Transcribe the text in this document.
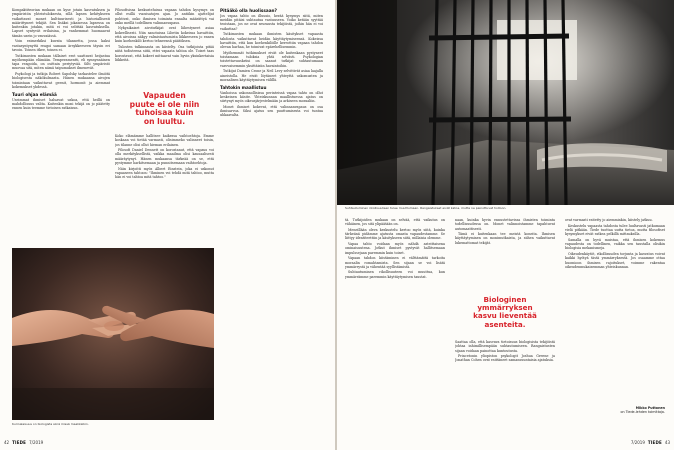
Kompaktiteorian mukaan on kyse jotain kasvatuksen ja ympäristön yhteistuloksesta, sillä lapsen kehitykseen vaikuttavat monet kulttuurisesti ja historiallisesti määrittyneet tekijät. Sen lisäksi jokaisessa lapsessa on kuitenkin jotakin, mitä ei voi selittää kasvatuksella. Lapset syntyvät erilaisina, ja vanhemmat huomaavat tämän usein jo vauvaiässä.

Voin esimerkiksi kuvata tilannetta, jossa kaksi vastasyntynyttä reagoi samaan ärsykkeeseen täysin eri tavoin. Toinen itkee, toinen ei.

Tutkimusten mukaan tällaiset erot saattavat heijastua myöhempään elämään. Temperamentti, eli synnynnäinen tapa reagoida, on osittain periytyvää. Silti ympäristö muovaa sitä, miten nämä taipumukset ilmenevät.

Psykologi ja tutkija Robert Sapolsky tarkastelee ilmiötä biologisesta näkökulmasta. Hänen mukaansa aivojen toimintaan vaikuttavat geenit, hormonit ja aiemmat kokemukset yhdessä.

Tuuri ohjaa elämää

Useimmat ihmiset haluavat uskoa, että heillä on mahdollisuus valita. Kuitenkin moni tekijä on jo päätetty ennen kuin teemme tietoisen ratkaisun.

Filosofisissa keskusteluissa vapaan tahdon kysymys on ollut esillä vuosisatojen ajan. Jo antiikin ajattelijat pohtivat, onko ihmisen toiminta ennalta määrättyä vai onko meillä todellinen valinnanvapaus.

Nykyaikaiset aivotutkijat ovat lähestyneet asiaa kokeellisesti. Niin sanotuissa Libetin kokeissa havaittiin, että aivoissa näkyy valmistautumista liikkeeseen jo ennen kuin koehenkilö kertoo tehneensä päätöksen.

Tulosten tulkinnasta on kiistelty. Osa tutkijoista pitää niitä todisteena siitä, ettei vapaata tahtoa ole. Toiset taas korostavat, että kokeet mittaavat vain hyvin yksinkertaisia liikkeitä.

Vapauden
puute ei ole niin
tuhoisaa kuin
on luultu.

Koko elämämme hallitsee kaikessa vaihtoehtoja. Emme koskaan voi tietää varmasti, olisimmeko valinneet toisin, jos tilanne olisi ollut hieman erilainen.

Filosofi Daniel Dennett on korostanut, että vapaus voi olla merkityksellistä, vaikka maailma olisi kausaalisesti määräytynyt. Hänen mukaansa tärkeää on se, että pystymme harkitsemaan ja punnitsemaan vaihtoehtoja.

Näin kirjoitti myös Albert Einstein, joka ei uskonut vapaaseen tahtoon: "Ihminen voi tehdä mitä tahtoo, mutta hän ei voi tahtoa mitä tahtoo."

Pitääkö olla huolissaan?

Jos vapaa tahto on illuusio, herää kysymys siitä, miten meidän pitäisi suhtautua vastuuseen. Voiko ketään syyttää teoistaan, jos ne ovat seurausta tekijöistä, joihin hän ei voi vaikuttaa?

Tutkimusten mukaan ihmisten käsitykset vapaasta tahdosta vaikuttavat heidän käyttäytymiseensä. Kokeissa havaittiin, että kun koehenkilöille kerrottiin vapaan tahdon olevan harhaa, he toimivat epärehellisemmin.

Myöhemmät tutkimukset eivät ole kuitenkaan pystyneet toistamaan tuloksia yhtä selvästi. Psykologian toistettavuuskriisi on saanut tutkijat suhtautumaan varovaisemmin yksittäisiin havaintoihin.

Tutkijat Damien Crone ja Neil Levy selvittivät asiaa laajalla aineistolla. He eivät löytäneet yhteyttä uskomusten ja moraalisen käyttäytymisen välillä.

Tahtokin maallistuu

Vanhoissa uskonnollisissa perinteissä vapaa tahto on ollut keskeinen käsite. Yhteiskunnan maallistuessa ajatus on siirtynyt myös oikeusjärjestelmään ja arkiseen moraaliin.

Monet ihmiset kokevat, että valinnanvapaus on osa ihmisarvoa. Siksi ajatus sen puuttumisesta voi tuntua uhkaavalta.

Kurinalaisuus on biologista siinä missä maalikalkin.
42 TIEDE 7/2019
Suhtautuminen rikollisuuteen tulee muuttumaan. Rangaistukset eivät katoa, mutta ne painottuvat hoitoon.

tä. Tutkijoiden mukaan on selvää, että vaikutus on vähäinen, jos sitä ylipäätään on.

Meneillään oleva keskustelu kertoo myös siitä, kuinka tärkeänä pidämme ajatusta omasta vapaudestamme. Se liittyy identiteettiin ja käsitykseen siitä, millaisia olemme.

Vapaa tahto voidaan myös nähdä asteittaisena ominaisuutena. Jotkut ihmiset pystyvät hallitsemaan impulssejaan paremmin kuin toiset.

Vapaan tahdon kiistäminen ei välttämättä tarkoita moraalin romahtamista. Sen sijaan se voi lisätä ymmärrystä ja vähentää syyllistämistä.

Suhtautuminen rikollisuuteen voi muuttua, kun ymmärrämme paremmin käyttäytymisen taustat.

naan, kuinka hyvin ennustettavissa ihmisten toiminta todellisuudessa on. Monet valinnoistamme tapahtuvat automaattisesti.

Tämä ei kuitenkaan tee meistä koneita. Ihmisen käyttäytyminen on monimutkaista, ja siihen vaikuttavat lukemattomat tekijät.

Biologinen
ymmärryksen
kasvu lieventää
asenteita.

Saattaa olla, että kasvava tietoisuus biologisista tekijöistä johtaa inhimillisempään suhtautumiseen. Rangaistusten sijaan voidaan painottaa kuntoutusta.

Princetonin yliopiston psykologit Joshua Greene ja Jonathan Cohen ovat esittäneet samansuuntaisia ajatuksia.

ovat varmasti esitetty jo aiemminkin, kiistely jatkuu.

Keskustelu vapaasta tahdosta tulee luultavasti jatkumaan vielä pitkään. Tiede tuottaa uutta tietoa, mutta filosofiset kysymykset eivät ratkea pelkillä mittauksilla.

Samalla on hyvä muistaa, että ihmisen kokemus vapaudesta on todellinen, vaikka sen taustalla olisikin biologisia mekanismeja.

Oikeudenkäytöt, rikollisuuden torjunta ja kasvatus voivat kaikki hyötyä tästä ymmärryksestä. Jos osaamme ottaa huomioon ihmisen rajoitukset, voimme rakentaa oikeudenmukaisemman yhteiskunnan.

Mikko Puttonen
on Tiede-lehden toimittaja.
7/2019 TIEDE 43
